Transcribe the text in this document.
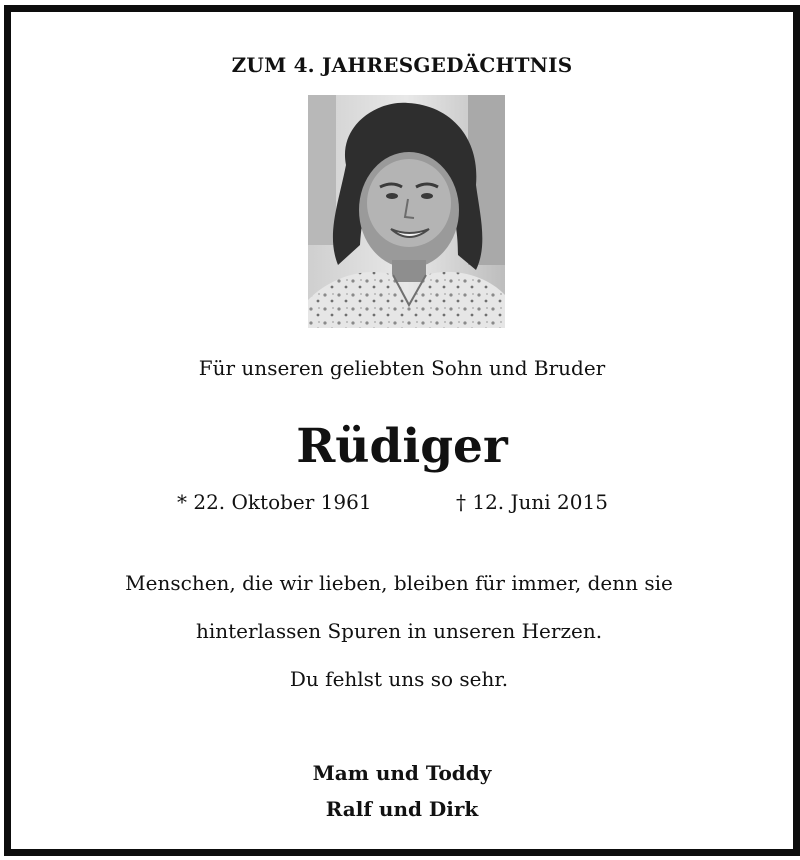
ZUM 4. JAHRESGEDÄCHTNIS
Für unseren geliebten Sohn und Bruder
Rüdiger
* 22. Oktober 1961	† 12. Juni 2015
Menschen, die wir lieben, bleiben für immer, denn sie
hinterlassen Spuren in unseren Herzen.
Du fehlst uns so sehr.
Mam und Toddy
Ralf und Dirk
